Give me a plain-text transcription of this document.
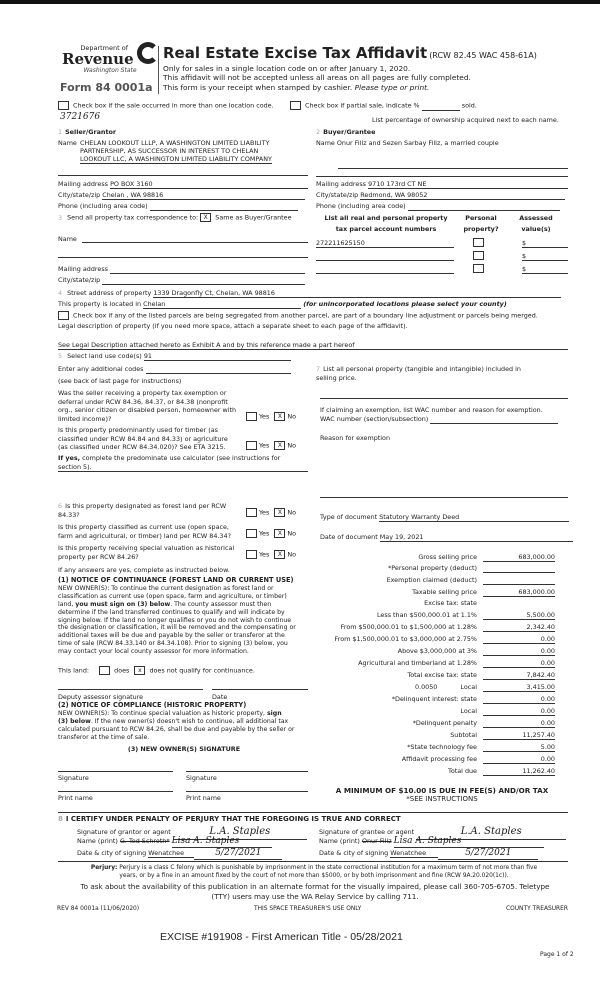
Department of
Revenue
Washington State
Form 84 0001a
Real Estate Excise Tax Affidavit (RCW 82.45 WAC 458-61A)
Only for sales in a single location code on or after January 1, 2020.
This affidavit will not be accepted unless all areas on all pages are fully completed.
This form is your receipt when stamped by cashier. Please type or print.
Check box if the sale occurred in more than one location code.	Check box if partial sale, indicate %	sold.
3721676	List percentage of ownership acquired next to each name.
1 Seller/Grantor
Name CHELAN LOOKOUT LLLP, A WASHINGTON LIMITED LIABILITY
PARTNERSHIP, AS SUCCESSOR IN INTEREST TO CHELAN
LOOKOUT LLC, A WASHINGTON LIMITED LIABILITY COMPANY
Mailing address PO BOX 3160
City/state/zip Chelan , WA 98816
Phone (including area code)
3 Send all property tax correspondence to: X Same as Buyer/Grantee
Name
Mailing address
City/state/zip
2 Buyer/Grantee
Name Onur Filiz and Sezen Sarbay Filiz, a married couple
Mailing address 9710 173rd CT NE
City/state/zip Redmond, WA 98052
Phone (including area code)
List all real and personal property
tax parcel account numbers
Personal
property?
Assessed
value(s)
272211625150	$

$

$
4 Street address of property 1339 Dragonfly Ct, Chelan, WA 98816
This property is located in Chelan	(for unincorporated locations please select your county)
Check box if any of the listed parcels are being segregated from another parcel, are part of a boundary line adjustment or parcels being merged.
Legal description of property (if you need more space, attach a separate sheet to each page of the affidavit).
See Legal Description attached hereto as Exhibit A and by this reference made a part hereof
5 Select land use code(s) 91
Enter any additional codes
(see back of last page for instructions)
Was the seller receiving a property tax exemption or
deferral under RCW 84.36, 84.37, or 84.38 (nonprofit
org., senior citizen or disabled person, homeowner with
limited income)?	Yes X No
Is this property predominantly used for timber (as
classified under RCW 84.84 and 84.33) or agriculture
(as classified under RCW 84.34.020)? See ETA 3215.	Yes X No
If yes, complete the predominate use calculator (see instructions for
section 5).
6 Is this property designated as forest land per RCW
84.33?	Yes X No
Is this property classified as current use (open space,
farm and agricultural, or timber) land per RCW 84.34?	Yes X No
Is this property receiving special valuation as historical
property per RCW 84.26?	Yes X No
If any answers are yes, complete as instructed below.
(1) NOTICE OF CONTINUANCE (FOREST LAND OR CURRENT USE)
NEW OWNER(S): To continue the current designation as forest land or
classification as current use (open space, farm and agriculture, or timber)
land, you must sign on (3) below. The county assessor must then
determine if the land transferred continues to qualify and will indicate by
signing below. If the land no longer qualifies or you do not wish to continue
the designation or classification, it will be removed and the compensating or
additional taxes will be due and payable by the seller or transferor at the
time of sale (RCW 84.33.140 or 84.34.108). Prior to signing (3) below, you
may contact your local county assessor for more information.
This land:	does x does not qualify for continuance.
Deputy assessor signature	Date
(2) NOTICE OF COMPLIANCE (HISTORIC PROPERTY)
NEW OWNER(S): To continue special valuation as historic property, sign
(3) below. If the new owner(s) doesn't wish to continue, all additional tax
calculated pursuant to RCW 84.26, shall be due and payable by the seller or
transferor at the time of sale.
(3) NEW OWNER(S) SIGNATURE
Signature	Signature
Print name	Print name
7 List all personal property (tangible and intangible) included in
selling price.
If claiming an exemption, list WAC number and reason for exemption.
WAC number (section/subsection)
Reason for exemption
Type of document Statutory Warranty Deed
Date of document May 19, 2021
Gross selling price	683,000.00
*Personal property (deduct)

Exemption claimed (deduct)

Taxable selling price	683,000.00
Excise tax: state
Less than $500,000.01 at 1.1%	5,500.00
From $500,000.01 to $1,500,000 at 1.28%	2,342.40
From $1,500,000.01 to $3,000,000 at 2.75%	0.00
Above $3,000,000 at 3%	0.00
Agricultural and timberland at 1.28%	0.00
Total excise tax: state	7,842.40
0.0050	Local	3,415.00
*Delinquent interest: state	0.00
Local	0.00
*Delinquent penalty	0.00
Subtotal	11,257.40
*State technology fee	5.00
Affidavit processing fee	0.00
Total due	11,262.40
A MINIMUM OF $10.00 IS DUE IN FEE(S) AND/OR TAX
*SEE INSTRUCTIONS
8 I CERTIFY UNDER PENALTY OF PERJURY THAT THE FOREGOING IS TRUE AND CORRECT
Signature of grantor or agent	L.A. Staples
Name (print) G. Ted Schroth* Lisa A. Staples
Date & city of signing Wenatchee	5/27/2021
Signature of grantee or agent	L.A. Staples
Name (print) Onur Filiz Lisa A. Staples
Date & city of signing Wenatchee	5/27/2021
Perjury: Perjury is a class C felony which is punishable by imprisonment in the state correctional institution for a maximum term of not more than five
years, or by a fine in an amount fixed by the court of not more than $5000, or by both imprisonment and fine (RCW 9A.20.020(1c)).
To ask about the availability of this publication in an alternate format for the visually impaired, please call 360-705-6705. Teletype
(TTY) users may use the WA Relay Service by calling 711.
REV 84 0001a (11/06/2020)	THIS SPACE TREASURER'S USE ONLY	COUNTY TREASURER
EXCISE #191908 - First American Title - 05/28/2021
Page 1 of 2
